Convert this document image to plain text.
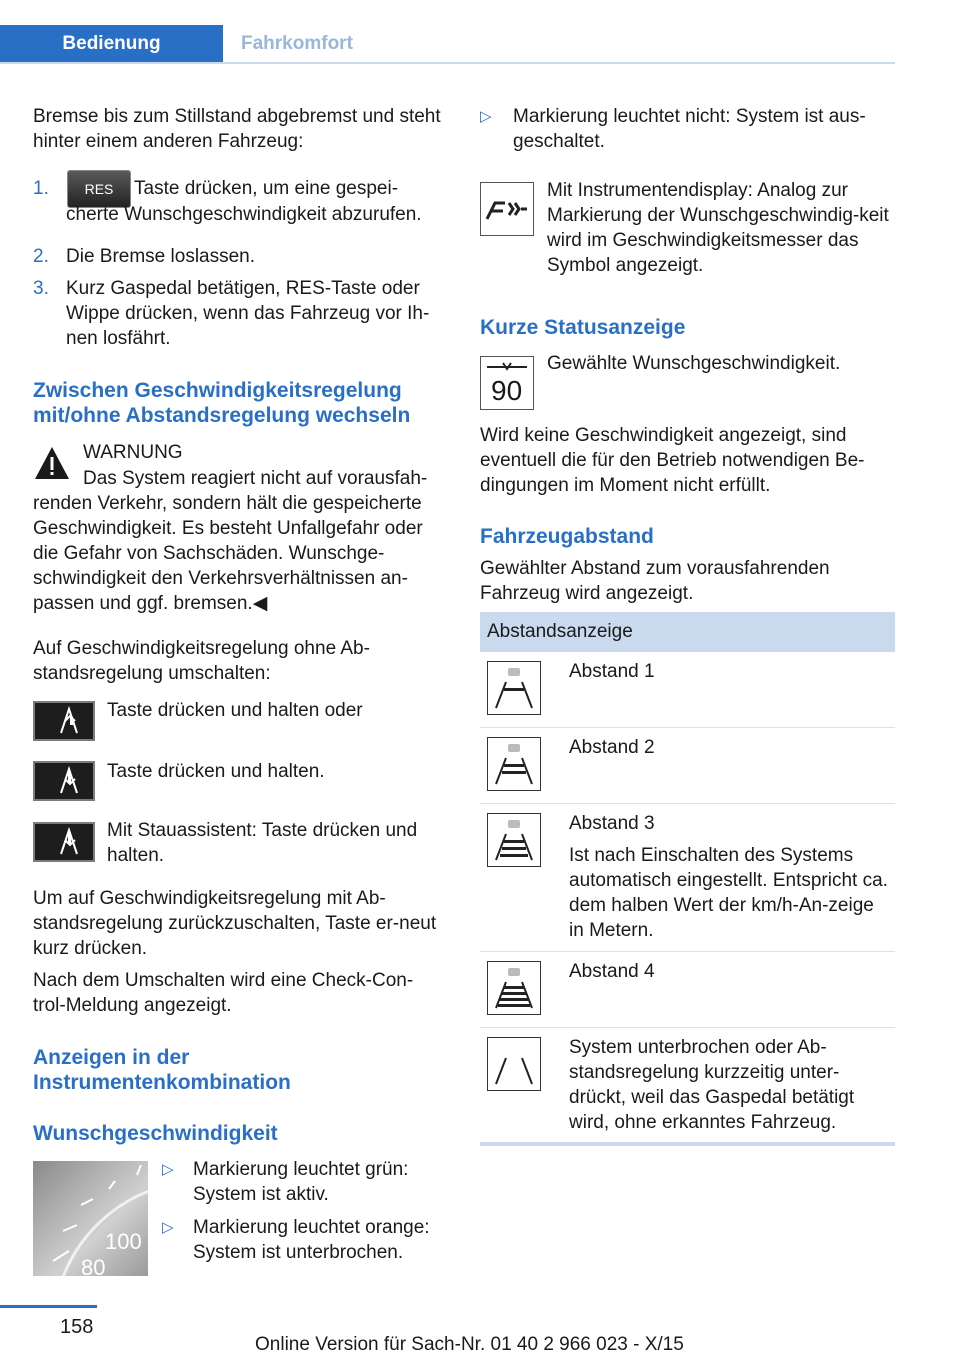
Bedienung	Fahrkomfort

Bremse bis zum Stillstand abgebremst und steht hinter einem anderen Fahrzeug:

1.	RES	Taste drücken, um eine gespei-
cherte Wunschgeschwindigkeit abzurufen.
2. Die Bremse loslassen.
3. Kurz Gaspedal betätigen, RES-Taste oder Wippe drücken, wenn das Fahrzeug vor Ih-nen losfährt.
Zwischen Geschwindigkeitsregelung mit/ohne Abstandsregelung wechseln

WARNUNG

Das System reagiert nicht auf vorausfah-renden Verkehr, sondern hält die gespeicherte Geschwindigkeit. Es besteht Unfallgefahr oder die Gefahr von Sachschäden. Wunschge-schwindigkeit den Verkehrsverhältnissen an-passen und ggf. bremsen.◀

Auf Geschwindigkeitsregelung ohne Ab-standsregelung umschalten:

Taste drücken und halten oder

Taste drücken und halten.

Mit Stauassistent: Taste drücken und halten.

Um auf Geschwindigkeitsregelung mit Ab-standsregelung zurückzuschalten, Taste er-neut kurz drücken.

Nach dem Umschalten wird eine Check-Con-trol-Meldung angezeigt.

Anzeigen in der Instrumentenkombination
Wunschgeschwindigkeit
100
80
▷ Markierung leuchtet grün: System ist aktiv.
▷ Markierung leuchtet orange: System ist unterbrochen.
▷ Markierung leuchtet nicht: System ist aus-geschaltet.

Mit Instrumentendisplay: Analog zur Markierung der Wunschgeschwindig-keit wird im Geschwindigkeitsmesser das Symbol angezeigt.

Kurze Statusanzeige
90

Gewählte Wunschgeschwindigkeit.

Wird keine Geschwindigkeit angezeigt, sind eventuell die für den Betrieb notwendigen Be-dingungen im Moment nicht erfüllt.

Fahrzeugabstand

Gewählter Abstand zum vorausfahrenden Fahrzeug wird angezeigt.

Abstandsanzeige

Abstand 1

Abstand 2

Abstand 3

Ist nach Einschalten des Systems automatisch eingestellt. Entspricht ca. dem halben Wert der km/h-An-zeige in Metern.

Abstand 4

System unterbrochen oder Ab-standsregelung kurzzeitig unter-drückt, weil das Gaspedal betätigt wird, ohne erkanntes Fahrzeug.

158
Online Version für Sach-Nr. 01 40 2 966 023 - X/15
